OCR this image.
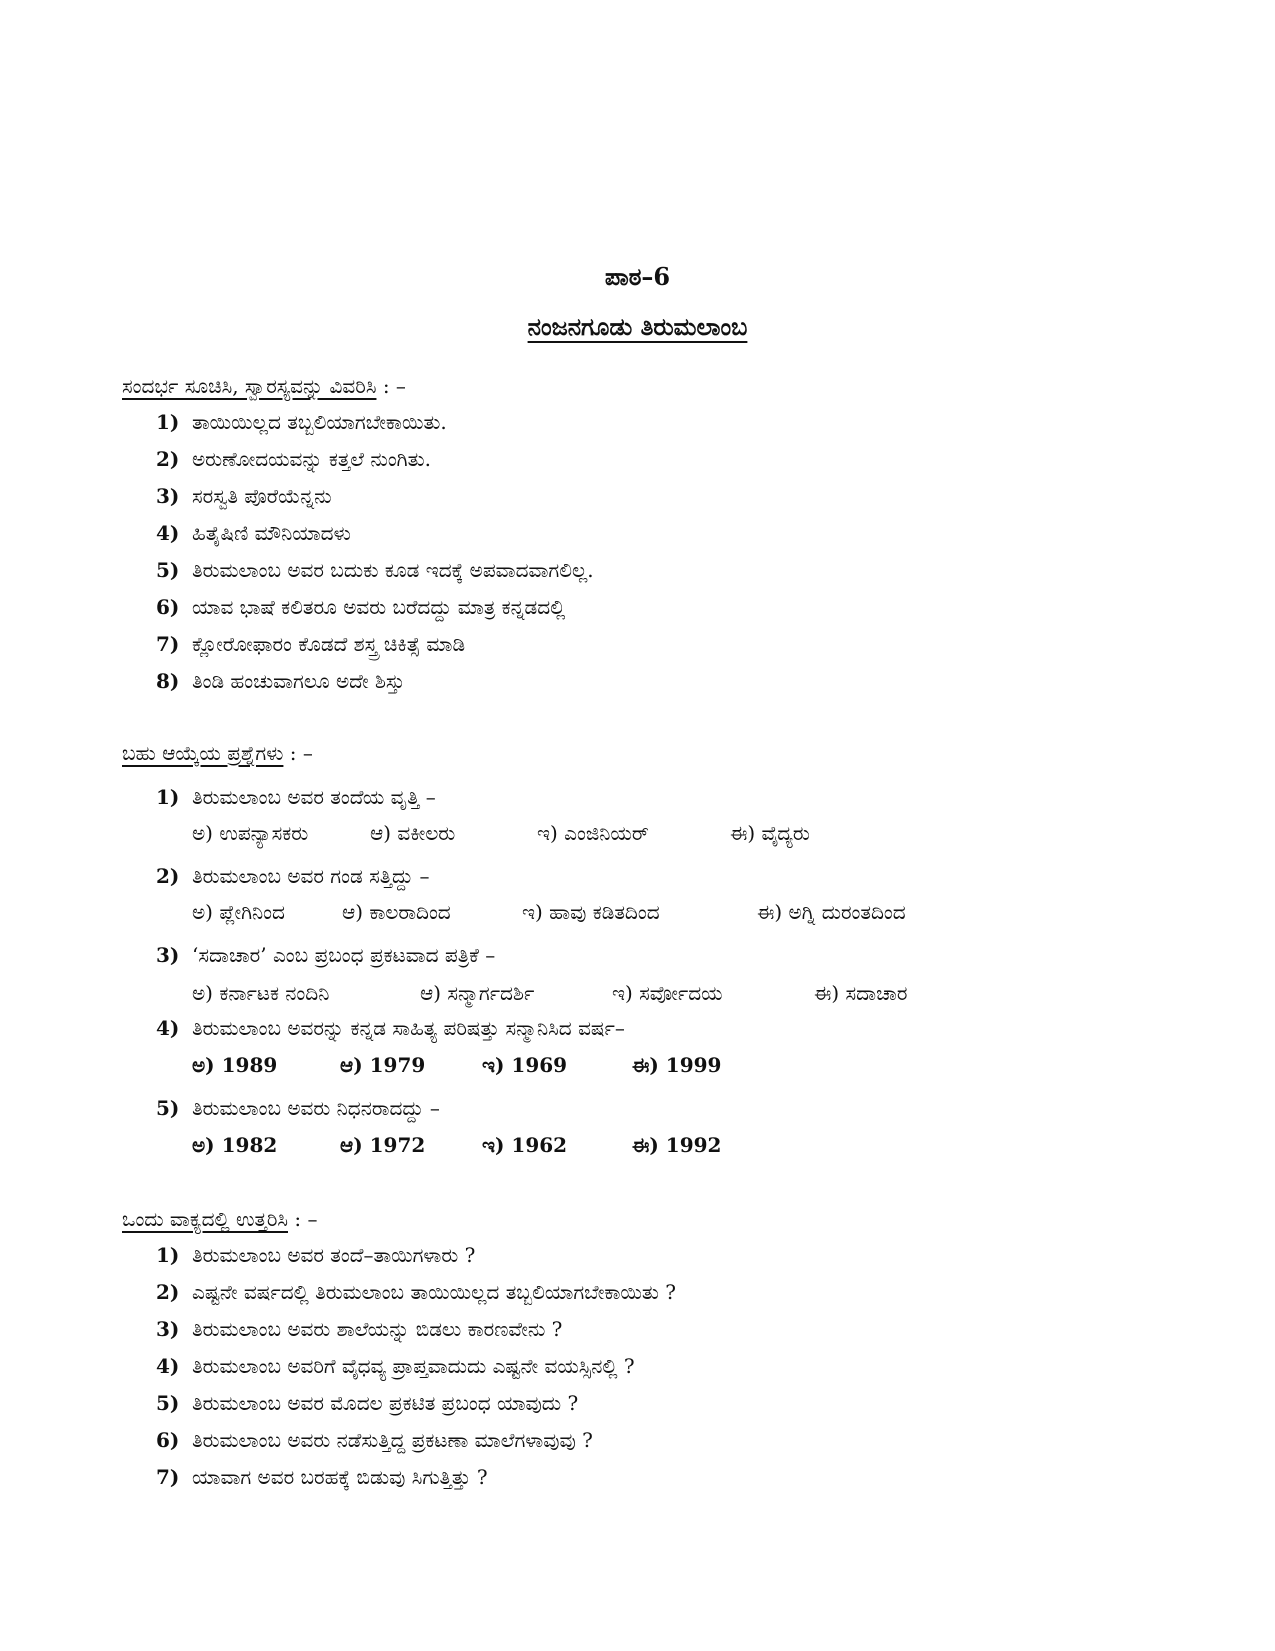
ಪಾಠ–6
ನಂಜನಗೂಡು ತಿರುಮಲಾಂಬ
ಸಂದರ್ಭ ಸೂಚಿಸಿ, ಸ್ವಾರಸ್ಯವನ್ನು ವಿವರಿಸಿ : –
1) ತಾಯಿಯಿಲ್ಲದ ತಬ್ಬಲಿಯಾಗಬೇಕಾಯಿತು.
2) ಅರುಣೋದಯವನ್ನು ಕತ್ತಲೆ ನುಂಗಿತು.
3) ಸರಸ್ವತಿ ಪೊರೆಯೆನ್ನನು
4) ಹಿತೈಷಿಣಿ ಮೌನಿಯಾದಳು
5) ತಿರುಮಲಾಂಬ ಅವರ ಬದುಕು ಕೂಡ ಇದಕ್ಕೆ ಅಪವಾದವಾಗಲಿಲ್ಲ.
6) ಯಾವ ಭಾಷೆ ಕಲಿತರೂ ಅವರು ಬರೆದದ್ದು ಮಾತ್ರ ಕನ್ನಡದಲ್ಲಿ
7) ಕ್ಲೋರೋಫಾರಂ ಕೊಡದೆ ಶಸ್ತ್ರ ಚಿಕಿತ್ಸೆ ಮಾಡಿ
8) ತಿಂಡಿ ಹಂಚುವಾಗಲೂ ಅದೇ ಶಿಸ್ತು
ಬಹು ಆಯ್ಕೆಯ ಪ್ರಶ್ನೆಗಳು : –
1) ತಿರುಮಲಾಂಬ ಅವರ ತಂದೆಯ ವೃತ್ತಿ –
ಅ) ಉಪನ್ಯಾಸಕರು	ಆ) ವಕೀಲರು	ಇ) ಎಂಜಿನಿಯರ್	ಈ) ವೈದ್ಯರು
2) ತಿರುಮಲಾಂಬ ಅವರ ಗಂಡ ಸತ್ತಿದ್ದು –
ಅ) ಪ್ಲೇಗಿನಿಂದ	ಆ) ಕಾಲರಾದಿಂದ	ಇ) ಹಾವು ಕಡಿತದಿಂದ	ಈ) ಅಗ್ನಿ ದುರಂತದಿಂದ
3) ‘ಸದಾಚಾರ’ ಎಂಬ ಪ್ರಬಂಧ ಪ್ರಕಟವಾದ ಪತ್ರಿಕೆ –
ಅ) ಕರ್ನಾಟಕ ನಂದಿನಿ	ಆ) ಸನ್ಮಾರ್ಗದರ್ಶಿ	ಇ) ಸರ್ವೋದಯ	ಈ) ಸದಾಚಾರ
4) ತಿರುಮಲಾಂಬ ಅವರನ್ನು ಕನ್ನಡ ಸಾಹಿತ್ಯ ಪರಿಷತ್ತು ಸನ್ಮಾನಿಸಿದ ವರ್ಷ–
ಅ) 1989	ಆ) 1979	ಇ) 1969	ಈ) 1999
5) ತಿರುಮಲಾಂಬ ಅವರು ನಿಧನರಾದದ್ದು –
ಅ) 1982	ಆ) 1972	ಇ) 1962	ಈ) 1992
ಒಂದು ವಾಕ್ಯದಲ್ಲಿ ಉತ್ತರಿಸಿ : –
1) ತಿರುಮಲಾಂಬ ಅವರ ತಂದೆ–ತಾಯಿಗಳಾರು ?
2) ಎಷ್ಟನೇ ವರ್ಷದಲ್ಲಿ ತಿರುಮಲಾಂಬ ತಾಯಿಯಿಲ್ಲದ ತಬ್ಬಲಿಯಾಗಬೇಕಾಯಿತು ?
3) ತಿರುಮಲಾಂಬ ಅವರು ಶಾಲೆಯನ್ನು ಬಿಡಲು ಕಾರಣವೇನು ?
4) ತಿರುಮಲಾಂಬ ಅವರಿಗೆ ವೈಧವ್ಯ ಪ್ರಾಪ್ತವಾದುದು ಎಷ್ಟನೇ ವಯಸ್ಸಿನಲ್ಲಿ ?
5) ತಿರುಮಲಾಂಬ ಅವರ ಮೊದಲ ಪ್ರಕಟಿತ ಪ್ರಬಂಧ ಯಾವುದು ?
6) ತಿರುಮಲಾಂಬ ಅವರು ನಡೆಸುತ್ತಿದ್ದ ಪ್ರಕಟಣಾ ಮಾಲೆಗಳಾವುವು ?
7) ಯಾವಾಗ ಅವರ ಬರಹಕ್ಕೆ ಬಿಡುವು ಸಿಗುತ್ತಿತ್ತು ?
